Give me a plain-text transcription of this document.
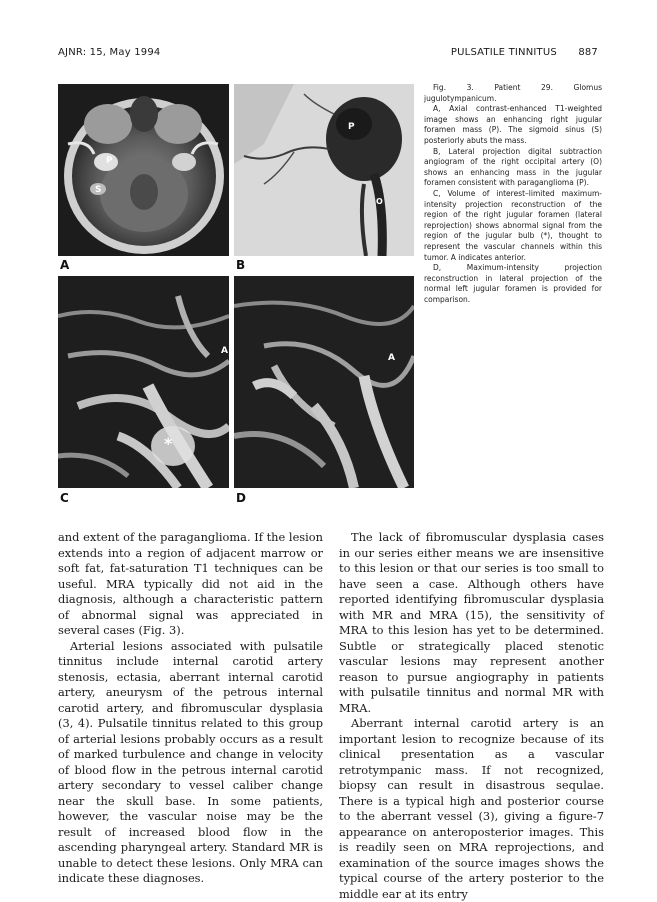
AJNR: 15, May 1994	PULSATILE TINNITUS 887
P
S
A
P
O
B
A
*
C
A
D

Fig. 3. Patient 29. Glomus jugulotympanicum.

A, Axial contrast-enhanced T1-weighted image shows an enhancing right jugular foramen mass (P). The sigmoid sinus (S) posteriorly abuts the mass.

B, Lateral projection digital subtraction angiogram of the right occipital artery (O) shows an enhancing mass in the jugular foramen consistent with paraganglioma (P).

C, Volume of interest–limited maximum-intensity projection reconstruction of the region of the right jugular foramen (lateral reprojection) shows abnormal signal from the region of the jugular bulb (*), thought to represent the vascular channels within this tumor. A indicates anterior.

D, Maximum-intensity projection reconstruction in lateral projection of the normal left jugular foramen is provided for comparison.

and extent of the paraganglioma. If the lesion extends into a region of adjacent marrow or soft fat, fat-saturation T1 techniques can be useful. MRA typically did not aid in the diagnosis, although a characteristic pattern of abnormal signal was appreciated in several cases (Fig. 3).

Arterial lesions associated with pulsatile tinnitus include internal carotid artery stenosis, ectasia, aberrant internal carotid artery, aneurysm of the petrous internal carotid artery, and fibromuscular dysplasia (3, 4). Pulsatile tinnitus related to this group of arterial lesions probably occurs as a result of marked turbulence and change in velocity of blood flow in the petrous internal carotid artery secondary to vessel caliber change near the skull base. In some patients, however, the vascular noise may be the result of increased blood flow in the ascending pharyngeal artery. Standard MR is unable to detect these lesions. Only MRA can indicate these diagnoses.

The lack of fibromuscular dysplasia cases in our series either means we are insensitive to this lesion or that our series is too small to have seen a case. Although others have reported identifying fibromuscular dysplasia with MR and MRA (15), the sensitivity of MRA to this lesion has yet to be determined. Subtle or strategically placed stenotic vascular lesions may represent another reason to pursue angiography in patients with pulsatile tinnitus and normal MR with MRA.

Aberrant internal carotid artery is an important lesion to recognize because of its clinical presentation as a vascular retrotympanic mass. If not recognized, biopsy can result in disastrous sequlae. There is a typical high and posterior course to the aberrant vessel (3), giving a figure-7 appearance on anteroposterior images. This is readily seen on MRA reprojections, and examination of the source images shows the typical course of the artery posterior to the middle ear at its entry
